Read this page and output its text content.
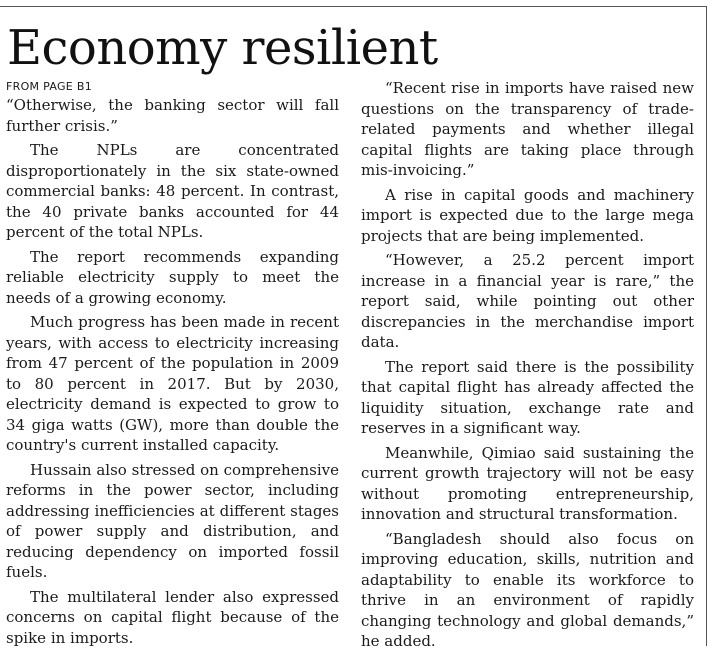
Economy resilient

FROM PAGE B1

“Otherwise, the banking sector will fall further crisis.”

The NPLs are concentrated disproportionately in the six state-owned commercial banks: 48 percent. In contrast, the 40 private banks accounted for 44 percent of the total NPLs.

The report recommends expanding reliable electricity supply to meet the needs of a growing economy.

Much progress has been made in recent years, with access to electricity increasing from 47 percent of the population in 2009 to 80 percent in 2017. But by 2030, electricity demand is expected to grow to 34 giga watts (GW), more than double the country's current installed capacity.

Hussain also stressed on comprehensive reforms in the power sector, including addressing inefficiencies at different stages of power supply and distribution, and reducing dependency on imported fossil fuels.

The multilateral lender also expressed concerns on capital flight because of the spike in imports.

“Recent rise in imports have raised new questions on the transparency of trade-related payments and whether illegal capital flights are taking place through mis-invoicing.”

A rise in capital goods and machinery import is expected due to the large mega projects that are being implemented.

“However, a 25.2 percent import increase in a financial year is rare,” the report said, while pointing out other discrepancies in the merchandise import data.

The report said there is the possibility that capital flight has already affected the liquidity situation, exchange rate and reserves in a significant way.

Meanwhile, Qimiao said sustaining the current growth trajectory will not be easy without promoting entrepreneurship, innovation and structural transformation.

“Bangladesh should also focus on improving education, skills, nutrition and adaptability to enable its workforce to thrive in an environment of rapidly changing technology and global demands,” he added.
